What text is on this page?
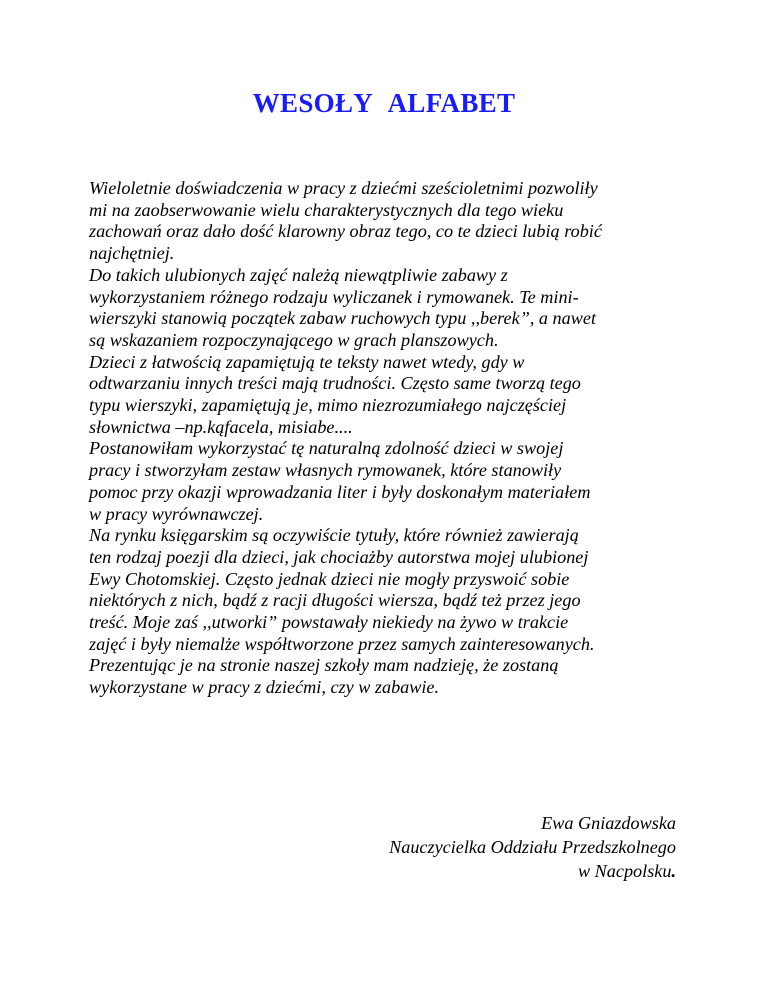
WESOŁY ALFABET
Wieloletnie doświadczenia w pracy z dziećmi sześcioletnimi pozwoliły
mi na zaobserwowanie wielu charakterystycznych dla tego wieku
zachowań oraz dało dość klarowny obraz tego, co te dzieci lubią robić
najchętniej.
Do takich ulubionych zajęć należą niewątpliwie zabawy z
wykorzystaniem różnego rodzaju wyliczanek i rymowanek. Te mini-
wierszyki stanowią początek zabaw ruchowych typu ,,berek”, a nawet
są wskazaniem rozpoczynającego w grach planszowych.
Dzieci z łatwością zapamiętują te teksty nawet wtedy, gdy w
odtwarzaniu innych treści mają trudności. Często same tworzą tego
typu wierszyki, zapamiętują je, mimo niezrozumiałego najczęściej
słownictwa –np.kąfacela, misiabe....
Postanowiłam wykorzystać tę naturalną zdolność dzieci w swojej
pracy i stworzyłam zestaw własnych rymowanek, które stanowiły
pomoc przy okazji wprowadzania liter i były doskonałym materiałem
w pracy wyrównawczej.
Na rynku księgarskim są oczywiście tytuły, które również zawierają
ten rodzaj poezji dla dzieci, jak chociażby autorstwa mojej ulubionej
Ewy Chotomskiej. Często jednak dzieci nie mogły przyswoić sobie
niektórych z nich, bądź z racji długości wiersza, bądź też przez jego
treść. Moje zaś ,,utworki” powstawały niekiedy na żywo w trakcie
zajęć i były niemalże współtworzone przez samych zainteresowanych.
Prezentując je na stronie naszej szkoły mam nadzieję, że zostaną
wykorzystane w pracy z dziećmi, czy w zabawie.
Ewa Gniazdowska
Nauczycielka Oddziału Przedszkolnego
w Nacpolsku.
